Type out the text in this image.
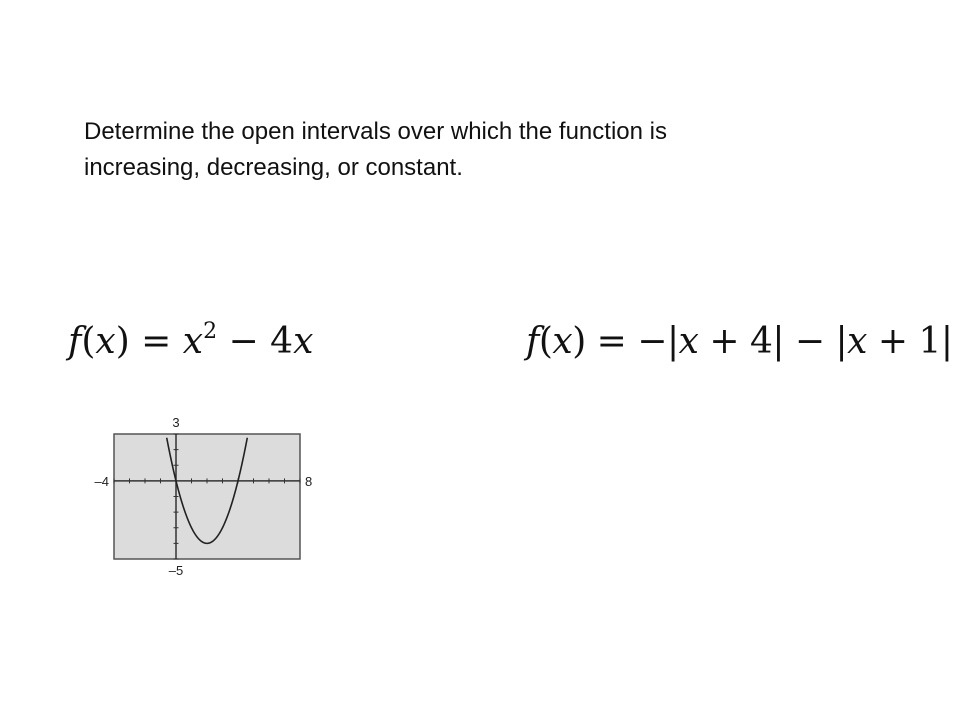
Determine the open intervals over which the function is
increasing, decreasing, or constant.
$f(x) = x^2 - 4x$	f(x) = −|x + 4| − |x + 1|
3
–5
–4	8
